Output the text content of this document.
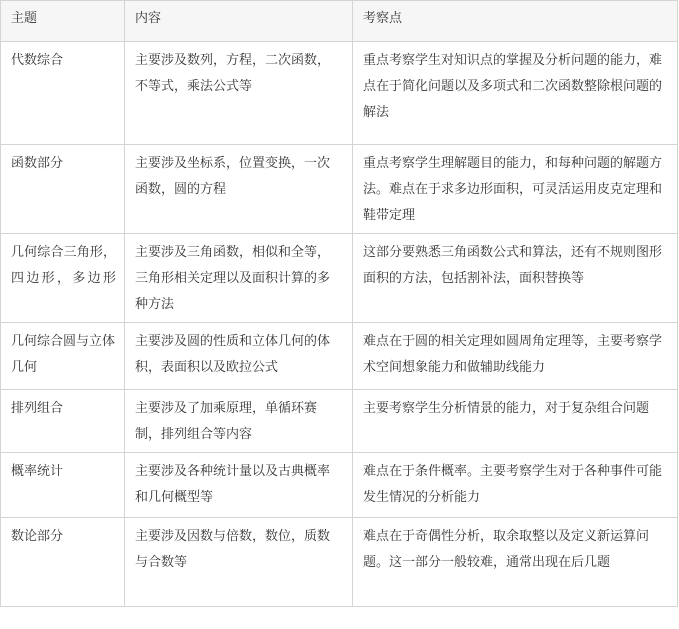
主题	内容	考察点
代数综合	主要涉及数列，方程，二次函数，不等式，乘法公式等	重点考察学生对知识点的掌握及分析问题的能力，难点在于简化问题以及多项式和二次函数整除根问题的解法
函数部分	主要涉及坐标系，位置变换，一次函数，圆的方程	重点考察学生理解题目的能力，和每种问题的解题方法。难点在于求多边形面积，可灵活运用皮克定理和鞋带定理
几何综合三角形，四边形，多边形	主要涉及三角函数，相似和全等，三角形相关定理以及面积计算的多种方法	这部分要熟悉三角函数公式和算法，还有不规则图形面积的方法，包括割补法，面积替换等
几何综合圆与立体几何	主要涉及圆的性质和立体几何的体积，表面积以及欧拉公式	难点在于圆的相关定理如圆周角定理等，主要考察学术空间想象能力和做辅助线能力
排列组合	主要涉及了加乘原理，单循环赛制，排列组合等内容	主要考察学生分析情景的能力，对于复杂组合问题
概率统计	主要涉及各种统计量以及古典概率和几何概型等	难点在于条件概率。主要考察学生对于各种事件可能发生情况的分析能力
数论部分	主要涉及因数与倍数，数位，质数与合数等	难点在于奇偶性分析，取余取整以及定义新运算问题。这一部分一般较难，通常出现在后几题
